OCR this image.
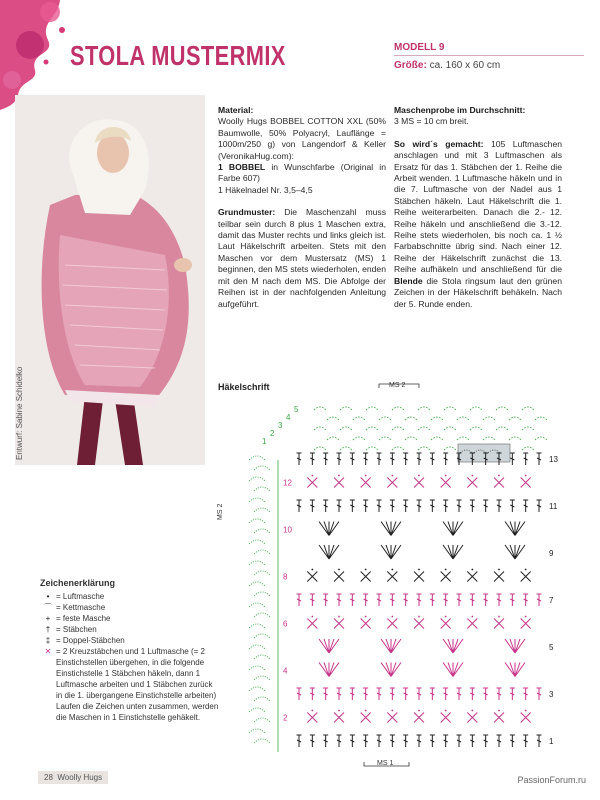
STOLA MUSTERMIX	MODELL 9
Größe: ca. 160 x 60 cm
Entwurf: Sabine Schidelko

Material:
Woolly Hugs BOBBEL COTTON XXL (50% Baumwolle, 50% Polyacryl, Lauflänge = 1000m/250 g) von Langendorf & Keller (VeronikaHug.com):
1 BOBBEL in Wunschfarbe (Original in Farbe 607)
1 Häkelnadel Nr. 3,5–4,5

Grundmuster: Die Maschenzahl muss teilbar sein durch 8 plus 1 Maschen extra, damit das Muster rechts und links gleich ist. Laut Häkelschrift arbeiten. Stets mit den Maschen vor dem Mustersatz (MS) 1 beginnen, den MS stets wiederholen, enden mit den M nach dem MS. Die Abfolge der Reihen ist in der nachfolgenden Anleitung aufgeführt.

Maschenprobe im Durchschnitt:
3 MS = 10 cm breit.

So wird´s gemacht: 105 Luftmaschen anschlagen und mit 3 Luftmaschen als Ersatz für das 1. Stäbchen der 1. Reihe die Arbeit wenden. 1 Luftmasche häkeln und in die 7. Luftmasche von der Nadel aus 1 Stäbchen häkeln. Laut Häkelschrift die 1. Reihe weiterarbeiten. Danach die 2.- 12. Reihe häkeln und anschließend die 3.-12. Reihe stets wiederholen, bis noch ca. 1 ½ Farbabschnitte übrig sind. Nach einer 12. Reihe der Häkelschrift zunächst die 13. Reihe aufhäkeln und anschließend für die Blende die Stola ringsum laut den grünen Zeichen in der Häkelschrift behäkeln. Nach der 5. Runde enden.

Häkelschrift	MS 2
MS 1
MS 2
5
4
3
2
1
1
2
3
4
5
6
7
8
9
10
11
12
13
Zeichenerklärung
• = Luftmasche
⌒ = Kettmasche
+ = feste Masche
† = Stäbchen
‡ = Doppel-Stäbchen
✕ = 2 Kreuzstäbchen und 1 Luftmasche (= 2 Einstichstellen übergehen, in die folgende Einstichstelle 1 Stäbchen häkeln, dann 1 Luftmasche arbeiten und 1 Stäbchen zurück in die 1. übergangene Einstichstelle arbeiten)
Laufen die Zeichen unten zusammen, werden die Maschen in 1 Einstichstelle gehäkelt.
28 Woolly Hugs	PassionForum.ru
